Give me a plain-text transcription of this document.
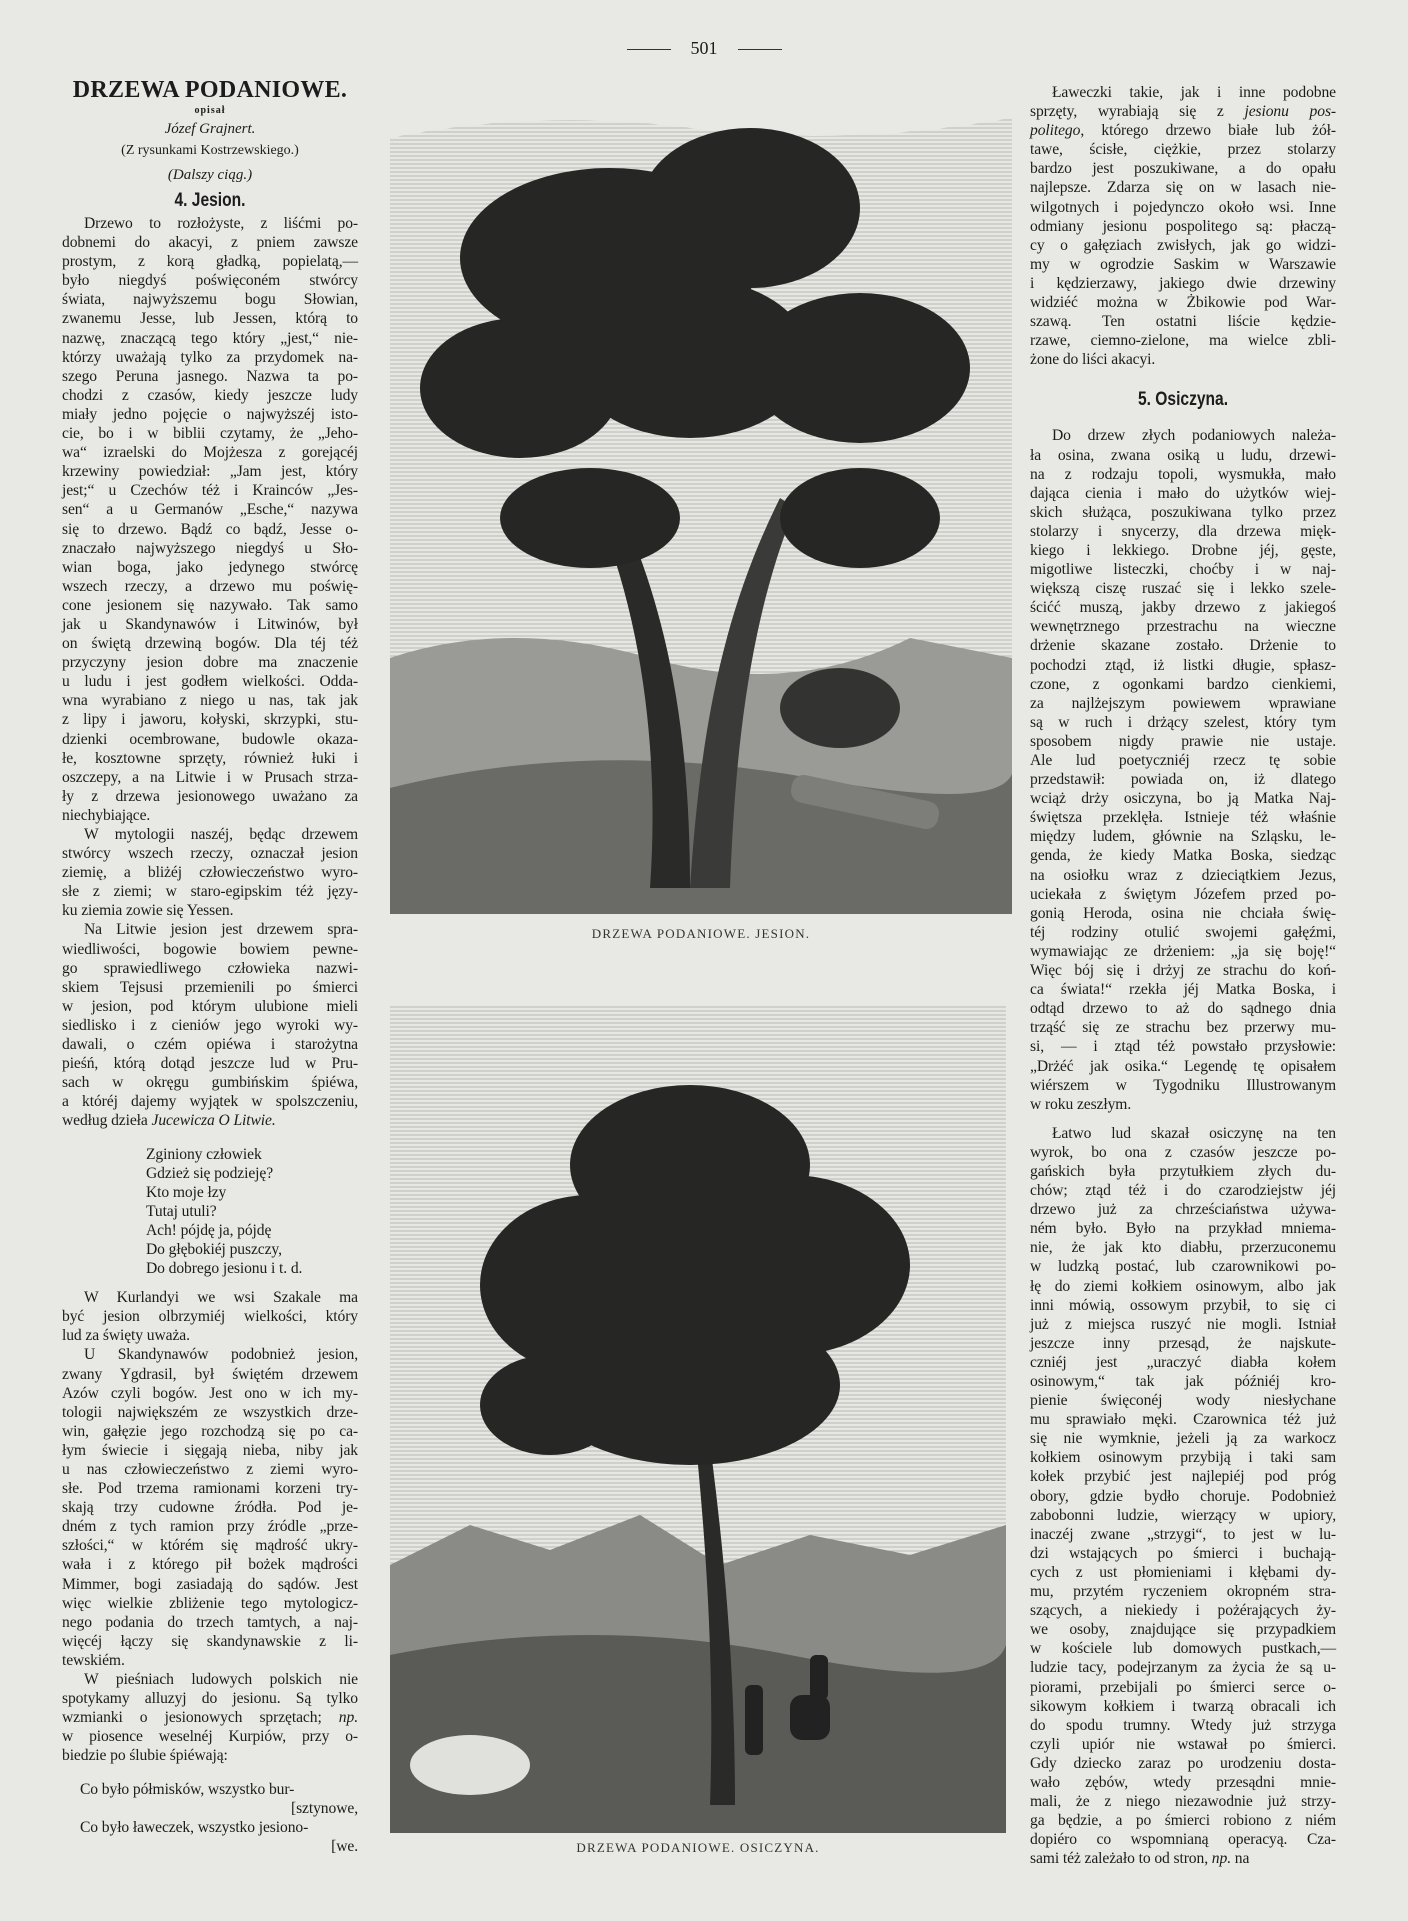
501
DRZEWA PODANIOWE.
opisał
Józef Grajnert.
(Z rysunkami Kostrzewskiego.)
(Dalszy ciąg.)
4. Jesion.
Drzewo to rozłożyste, z liśćmi po-
dobnemi do akacyi, z pniem zawsze
prostym, z korą gładką, popielatą,—
było niegdyś poświęconém stwórcy
świata, najwyższemu bogu Słowian,
zwanemu Jesse, lub Jessen, którą to
nazwę, znaczącą tego który „jest,“ nie-
którzy uważają tylko za przydomek na-
szego Peruna jasnego. Nazwa ta po-
chodzi z czasów, kiedy jeszcze ludy
miały jedno pojęcie o najwyższéj isto-
cie, bo i w biblii czytamy, że „Jeho-
wa“ izraelski do Mojżesza z gorejącéj
krzewiny powiedział: „Jam jest, który
jest;“ u Czechów téż i Krainców „Jes-
sen“ a u Germanów „Esche,“ nazywa
się to drzewo. Bądź co bądź, Jesse o-
znaczało najwyższego niegdyś u Sło-
wian boga, jako jedynego stwórcę
wszech rzeczy, a drzewo mu poświę-
cone jesionem się nazywało. Tak samo
jak u Skandynawów i Litwinów, był
on świętą drzewiną bogów. Dla téj téż
przyczyny jesion dobre ma znaczenie
u ludu i jest godłem wielkości. Odda-
wna wyrabiano z niego u nas, tak jak
z lipy i jaworu, kołyski, skrzypki, stu-
dzienki ocembrowane, budowle okaza-
łe, kosztowne sprzęty, również łuki i
oszczepy, a na Litwie i w Prusach strza-
ły z drzewa jesionowego uważano za
niechybiające.
W mytologii naszéj, będąc drzewem
stwórcy wszech rzeczy, oznaczał jesion
ziemię, a bliżéj człowieczeństwo wyro-
słe z ziemi; w staro-egipskim téż języ-
ku ziemia zowie się Yessen.
Na Litwie jesion jest drzewem spra-
wiedliwości, bogowie bowiem pewne-
go sprawiedliwego człowieka nazwi-
skiem Tejsusi przemienili po śmierci
w jesion, pod którym ulubione mieli
siedlisko i z cieniów jego wyroki wy-
dawali, o czém opiéwa i starożytna
pieśń, którą dotąd jeszcze lud w Pru-
sach w okręgu gumbińskim śpiéwa,
a któréj dajemy wyjątek w spolszczeniu,
według dzieła Jucewicza O Litwie.
Zginiony człowiek
Gdzież się podzieję?
Kto moje łzy
Tutaj utuli?
Ach! pójdę ja, pójdę
Do głębokiéj puszczy,
Do dobrego jesionu i t. d.
W Kurlandyi we wsi Szakale ma
być jesion olbrzymiéj wielkości, który
lud za święty uważa.
U Skandynawów podobnież jesion,
zwany Ygdrasil, był świętém drzewem
Azów czyli bogów. Jest ono w ich my-
tologii największém ze wszystkich drze-
win, gałęzie jego rozchodzą się po ca-
łym świecie i sięgają nieba, niby jak
u nas człowieczeństwo z ziemi wyro-
słe. Pod trzema ramionami korzeni try-
skają trzy cudowne źródła. Pod je-
dném z tych ramion przy źródle „prze-
szłości,“ w którém się mądrość ukry-
wała i z którego pił bożek mądrości
Mimmer, bogi zasiadają do sądów. Jest
więc wielkie zbliżenie tego mytologicz-
nego podania do trzech tamtych, a naj-
więcéj łączy się skandynawskie z li-
tewskiém.
W pieśniach ludowych polskich nie
spotykamy alluzyj do jesionu. Są tylko
wzmianki o jesionowych sprzętach; np.
w piosence weselnéj Kurpiów, przy o-
biedzie po ślubie śpiéwają:
Co było półmisków, wszystko bur-
[sztynowe,
Co było ławeczek, wszystko jesiono-
[we.
DRZEWA PODANIOWE. JESION.
DRZEWA PODANIOWE. OSICZYNA.
Ławeczki takie, jak i inne podobne
sprzęty, wyrabiają się z jesionu pos-
politego, którego drzewo białe lub żół-
tawe, ścisłe, ciężkie, przez stolarzy
bardzo jest poszukiwane, a do opału
najlepsze. Zdarza się on w lasach nie-
wilgotnych i pojedynczo około wsi. Inne
odmiany jesionu pospolitego są: płaczą-
cy o gałęziach zwisłych, jak go widzi-
my w ogrodzie Saskim w Warszawie
i kędzierzawy, jakiego dwie drzewiny
widziéć można w Żbikowie pod War-
szawą. Ten ostatni liście kędzie-
rzawe, ciemno-zielone, ma wielce zbli-
żone do liści akacyi.
5. Osiczyna.
Do drzew złych podaniowych należa-
ła osina, zwana osiką u ludu, drzewi-
na z rodzaju topoli, wysmukła, mało
dająca cienia i mało do użytków wiej-
skich służąca, poszukiwana tylko przez
stolarzy i snycerzy, dla drzewa mięk-
kiego i lekkiego. Drobne jéj, gęste,
migotliwe listeczki, choćby i w naj-
większą ciszę ruszać się i lekko szele-
ścićć muszą, jakby drzewo z jakiegoś
wewnętrznego przestrachu na wieczne
drżenie skazane zostało. Drżenie to
pochodzi ztąd, iż listki długie, spłasz-
czone, z ogonkami bardzo cienkiemi,
za najlżejszym powiewem wprawiane
są w ruch i drżący szelest, który tym
sposobem nigdy prawie nie ustaje.
Ale lud poetyczniéj rzecz tę sobie
przedstawił: powiada on, iż dlatego
wciąż drży osiczyna, bo ją Matka Naj-
świętsza przeklęła. Istnieje téż właśnie
między ludem, głównie na Szląsku, le-
genda, że kiedy Matka Boska, siedząc
na osiołku wraz z dzieciątkiem Jezus,
uciekała z świętym Józefem przed po-
gonią Heroda, osina nie chciała świę-
téj rodziny otulić swojemi gałęźmi,
wymawiając ze drżeniem: „ja się boję!“
Więc bój się i drżyj ze strachu do koń-
ca świata!“ rzekła jéj Matka Boska, i
odtąd drzewo to aż do sądnego dnia
trząść się ze strachu bez przerwy mu-
si, — i ztąd téż powstało przysłowie:
„Drżéć jak osika.“ Legendę tę opisałem
wiérszem w Tygodniku Illustrowanym
w roku zeszłym.
Łatwo lud skazał osiczynę na ten
wyrok, bo ona z czasów jeszcze po-
gańskich była przytułkiem złych du-
chów; ztąd téż i do czarodziejstw jéj
drzewo już za chrześciaństwa używa-
ném było. Było na przykład mniema-
nie, że jak kto diabłu, przerzuconemu
w ludzką postać, lub czarownikowi po-
łę do ziemi kołkiem osinowym, albo jak
inni mówią, ossowym przybił, to się ci
już z miejsca ruszyć nie mogli. Istniał
jeszcze inny przesąd, że najskute-
czniéj jest „uraczyć diabła kołem
osinowym,“ tak jak późniéj kro-
pienie święconéj wody niesłychane
mu sprawiało męki. Czarownica téż już
się nie wymknie, jeżeli ją za warkocz
kołkiem osinowym przybiją i taki sam
kołek przybić jest najlepiéj pod próg
obory, gdzie bydło choruje. Podobnież
zabobonni ludzie, wierzący w upiory,
inaczéj zwane „strzygi“, to jest w lu-
dzi wstających po śmierci i buchają-
cych z ust płomieniami i kłębami dy-
mu, przytém ryczeniem okropném stra-
szących, a niekiedy i pożérających ży-
we osoby, znajdujące się przypadkiem
w kościele lub domowych pustkach,—
ludzie tacy, podejrzanym za życia że są u-
piorami, przebijali po śmierci serce o-
sikowym kołkiem i twarzą obracali ich
do spodu trumny. Wtedy już strzyga
czyli upiór nie wstawał po śmierci.
Gdy dziecko zaraz po urodzeniu dosta-
wało zębów, wtedy przesądni mnie-
mali, że z niego niezawodnie już strzy-
ga będzie, a po śmierci robiono z niém
dopiéro co wspomnianą operacyą. Cza-
sami téż zależało to od stron, np. na
